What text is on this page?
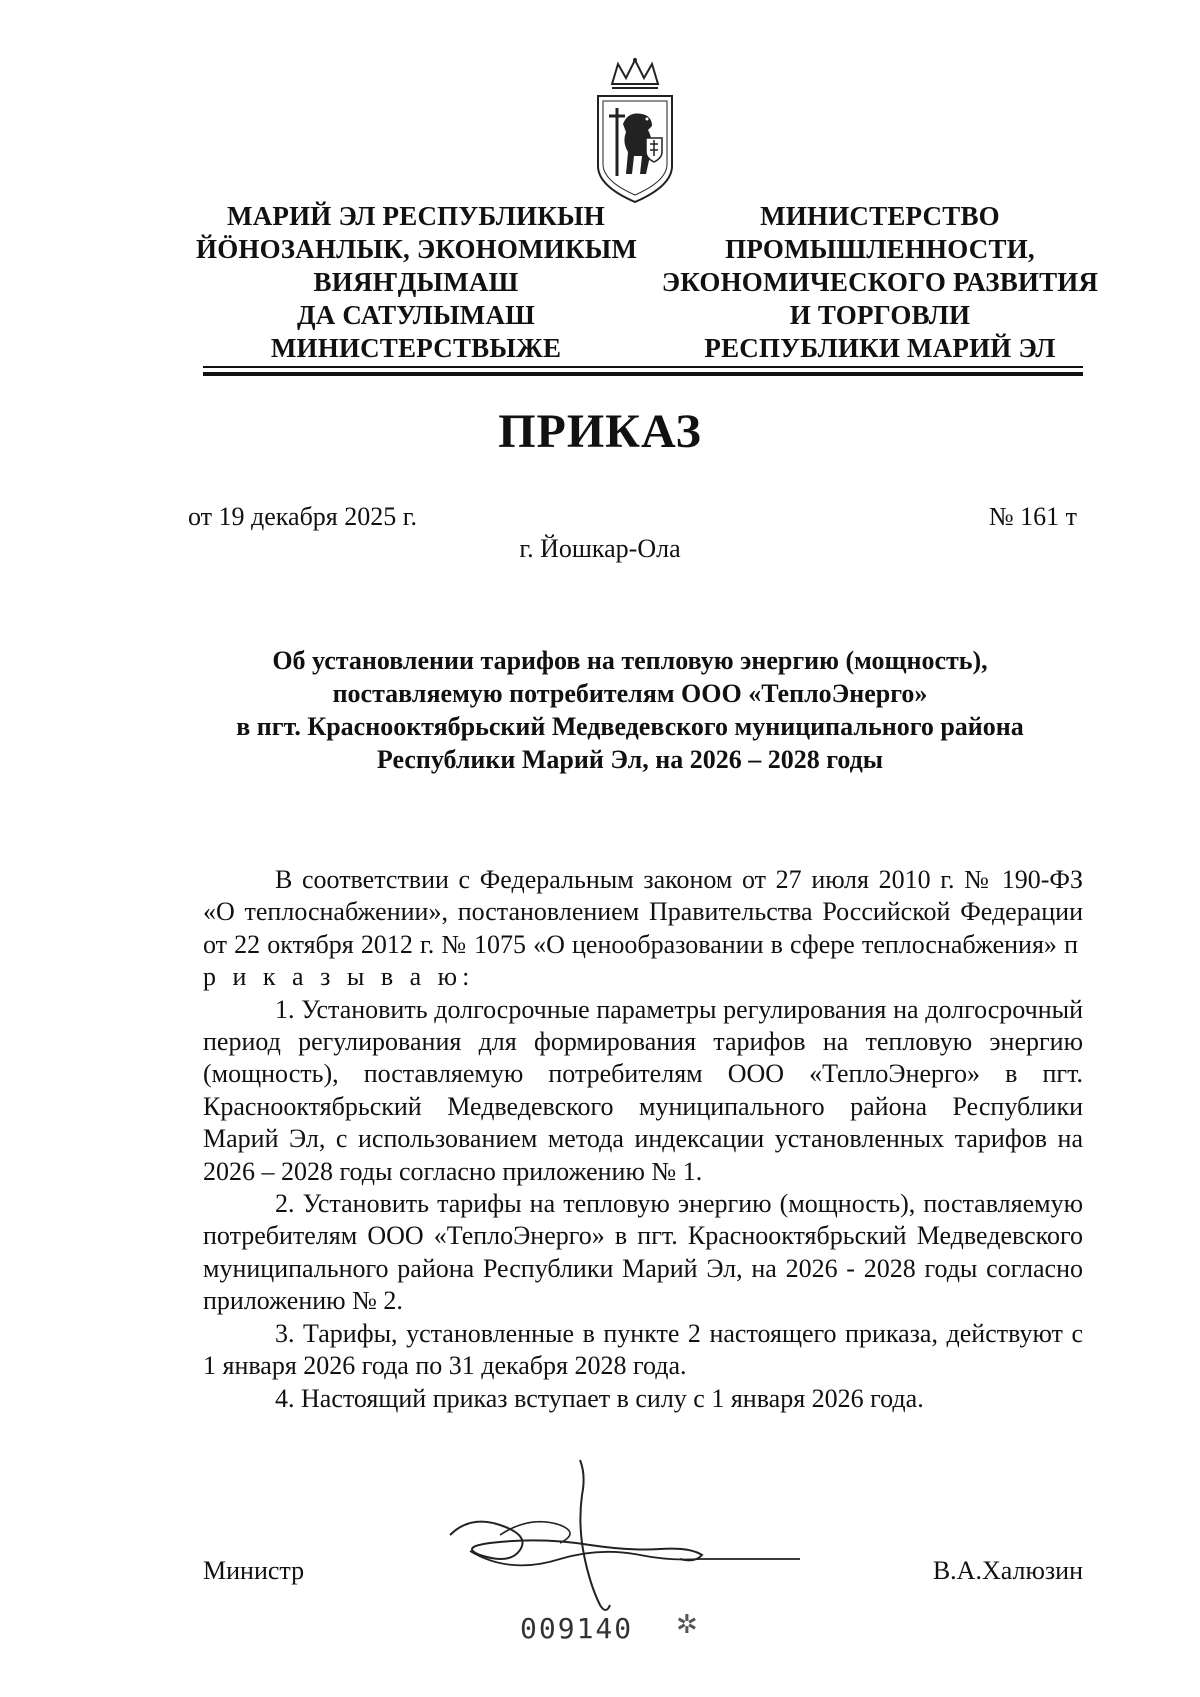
МАРИЙ ЭЛ РЕСПУБЛИКЫН
ЙÖНОЗАНЛЫК, ЭКОНОМИКЫМ
ВИЯҤДЫМАШ
ДА САТУЛЫМАШ
МИНИСТЕРСТВЫЖЕ
МИНИСТЕРСТВО
ПРОМЫШЛЕННОСТИ,
ЭКОНОМИЧЕСКОГО РАЗВИТИЯ
И ТОРГОВЛИ
РЕСПУБЛИКИ МАРИЙ ЭЛ
ПРИКАЗ
от 19 декабря 2025 г.	№ 161 т
г. Йошкар-Ола
Об установлении тарифов на тепловую энергию (мощность),
поставляемую потребителям ООО «ТеплоЭнерго»
в пгт. Краснооктябрьский Медведевского муниципального района
Республики Марий Эл, на 2026 – 2028 годы

В соответствии с Федеральным законом от 27 июля 2010 г. № 190-ФЗ «О теплоснабжении», постановлением Правительства Российской Федерации от 22 октября 2012 г. № 1075 «О ценообразовании в сфере теплоснабжения» п р и к а з ы в а ю:

1. Установить долгосрочные параметры регулирования на долгосрочный период регулирования для формирования тарифов на тепловую энергию (мощность), поставляемую потребителям ООО «ТеплоЭнерго» в пгт. Краснооктябрьский Медведевского муниципального района Республики Марий Эл, с использованием метода индексации установленных тарифов на 2026 – 2028 годы согласно приложению № 1.

2. Установить тарифы на тепловую энергию (мощность), поставляемую потребителям ООО «ТеплоЭнерго» в пгт. Краснооктябрьский Медведевского муниципального района Республики Марий Эл, на 2026 - 2028 годы согласно приложению № 2.

3. Тарифы, установленные в пункте 2 настоящего приказа, действуют с 1 января 2026 года по 31 декабря 2028 года.

4. Настоящий приказ вступает в силу с 1 января 2026 года.

Министр	В.А.Халюзин
009140 ✲
